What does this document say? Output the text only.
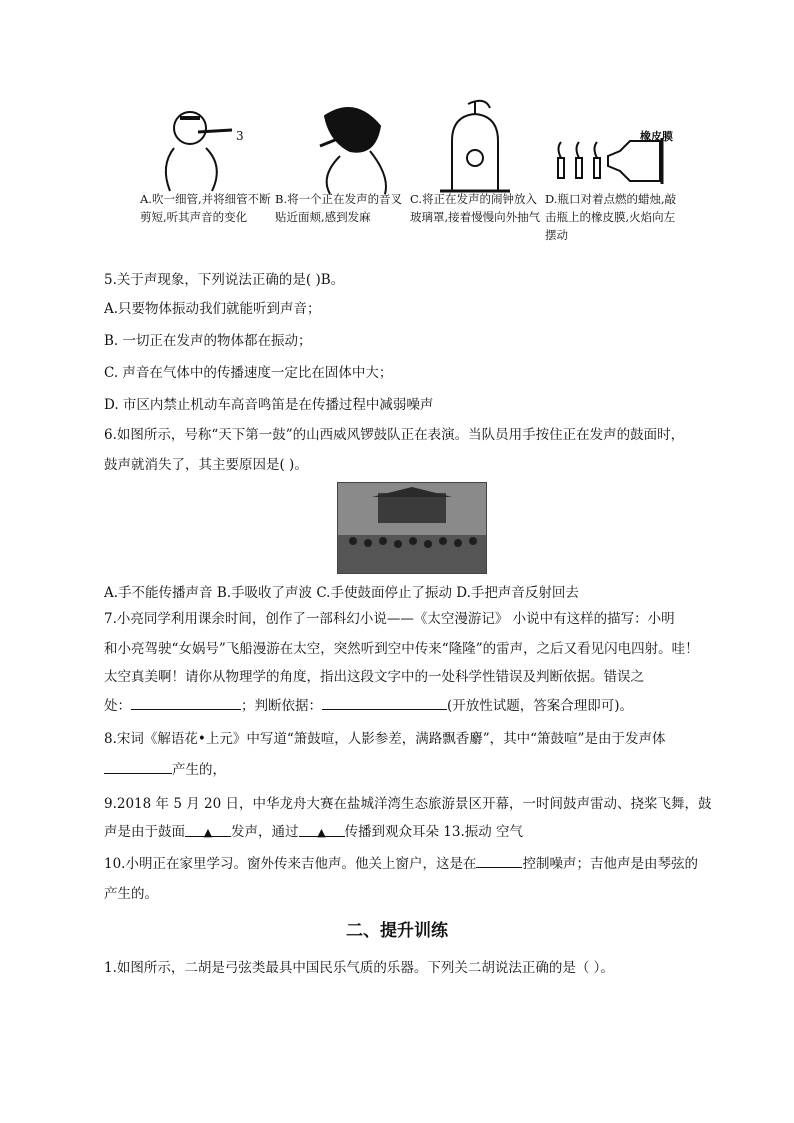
3	橡皮膜
A.吹一细管,并将细管不断剪短,听其声音的变化
B.将一个正在发声的音叉贴近面颊,感到发麻
C.将正在发声的闹钟放入玻璃罩,接着慢慢向外抽气
D.瓶口对着点燃的蜡烛,敲击瓶上的橡皮膜,火焰向左摆动
5.关于声现象，下列说法正确的是( )B。
A.只要物体振动我们就能听到声音；
B. 一切正在发声的物体都在振动；
C. 声音在气体中的传播速度一定比在固体中大；
D. 市区内禁止机动车高音鸣笛是在传播过程中减弱噪声
6.如图所示，号称“天下第一鼓”的山西威风锣鼓队正在表演。当队员用手按住正在发声的鼓面时，
鼓声就消失了，其主要原因是( )。
A.手不能传播声音 B.手吸收了声波 C.手使鼓面停止了振动 D.手把声音反射回去
7.小亮同学利用课余时间，创作了一部科幻小说——《太空漫游记》 小说中有这样的描写：小明
和小亮驾驶“女娲号”飞船漫游在太空，突然听到空中传来“隆隆”的雷声，之后又看见闪电四射。哇！
太空真美啊！请你从物理学的角度，指出这段文字中的一处科学性错误及判断依据。错误之
处：	；判断依据：	(开放性试题，答案合理即可)。
8.宋词《解语花•上元》中写道“箫鼓喧，人影参差，满路飘香麝”，其中“箫鼓喧”是由于发声体
产生的，
9.2018 年 5 月 20 日，中华龙舟大赛在盐城洋湾生态旅游景区开幕，一时间鼓声雷动、挠桨飞舞，鼓
声是由于鼓面 ▲ 发声，通过 ▲ 传播到观众耳朵 13.振动 空气
10.小明正在家里学习。窗外传来吉他声。他关上窗户，这是在	控制噪声；吉他声是由琴弦的
产生的。
二、提升训练
1.如图所示，二胡是弓弦类最具中国民乐气质的乐器。下列关二胡说法正确的是（ ）。
